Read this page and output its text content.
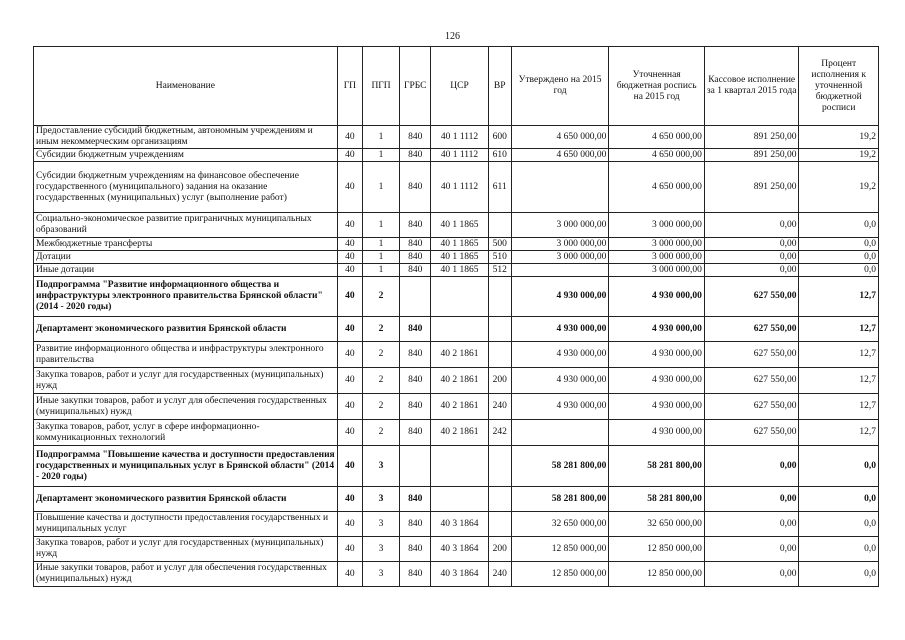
126
Наименование	ГП	ПГП	ГРБС	ЦСР	ВР	Утверждено на 2015 год	Уточненная бюджетная роспись на 2015 год	Кассовое исполнение за 1 квартал 2015 года	Процент исполнения к уточненной бюджетной росписи
Предоставление субсидий бюджетным, автономным учреждениям и иным некоммерческим организациям	40	1	840	40 1 1112	600	4 650 000,00	4 650 000,00	891 250,00	19,2
Субсидии бюджетным учреждениям	40	1	840	40 1 1112	610	4 650 000,00	4 650 000,00	891 250,00	19,2
Субсидии бюджетным учреждениям на финансовое обеспечение государственного (муниципального) задания на оказание государственных (муниципальных) услуг (выполнение работ)	40	1	840	40 1 1112	611		4 650 000,00	891 250,00	19,2
Социально-экономическое развитие приграничных муниципальных образований	40	1	840	40 1 1865		3 000 000,00	3 000 000,00	0,00	0,0
Межбюджетные трансферты	40	1	840	40 1 1865	500	3 000 000,00	3 000 000,00	0,00	0,0
Дотации	40	1	840	40 1 1865	510	3 000 000,00	3 000 000,00	0,00	0,0
Иные дотации	40	1	840	40 1 1865	512		3 000 000,00	0,00	0,0
Подпрограмма "Развитие информационного общества и инфраструктуры электронного правительства Брянской области" (2014 - 2020 годы)	40	2				4 930 000,00	4 930 000,00	627 550,00	12,7
Департамент экономического развития Брянской области	40	2	840			4 930 000,00	4 930 000,00	627 550,00	12,7
Развитие информационного общества и инфраструктуры электронного правительства	40	2	840	40 2 1861		4 930 000,00	4 930 000,00	627 550,00	12,7
Закупка товаров, работ и услуг для государственных (муниципальных) нужд	40	2	840	40 2 1861	200	4 930 000,00	4 930 000,00	627 550,00	12,7
Иные закупки товаров, работ и услуг для обеспечения государственных (муниципальных) нужд	40	2	840	40 2 1861	240	4 930 000,00	4 930 000,00	627 550,00	12,7
Закупка товаров, работ, услуг в сфере информационно-коммуникационных технологий	40	2	840	40 2 1861	242		4 930 000,00	627 550,00	12,7
Подпрограмма "Повышение качества и доступности предоставления государственных и муниципальных услуг в Брянской области" (2014 - 2020 годы)	40	3				58 281 800,00	58 281 800,00	0,00	0,0
Департамент экономического развития Брянской области	40	3	840			58 281 800,00	58 281 800,00	0,00	0,0
Повышение качества и доступности предоставления государственных и муниципальных услуг	40	3	840	40 3 1864		32 650 000,00	32 650 000,00	0,00	0,0
Закупка товаров, работ и услуг для государственных (муниципальных) нужд	40	3	840	40 3 1864	200	12 850 000,00	12 850 000,00	0,00	0,0
Иные закупки товаров, работ и услуг для обеспечения государственных (муниципальных) нужд	40	3	840	40 3 1864	240	12 850 000,00	12 850 000,00	0,00	0,0
